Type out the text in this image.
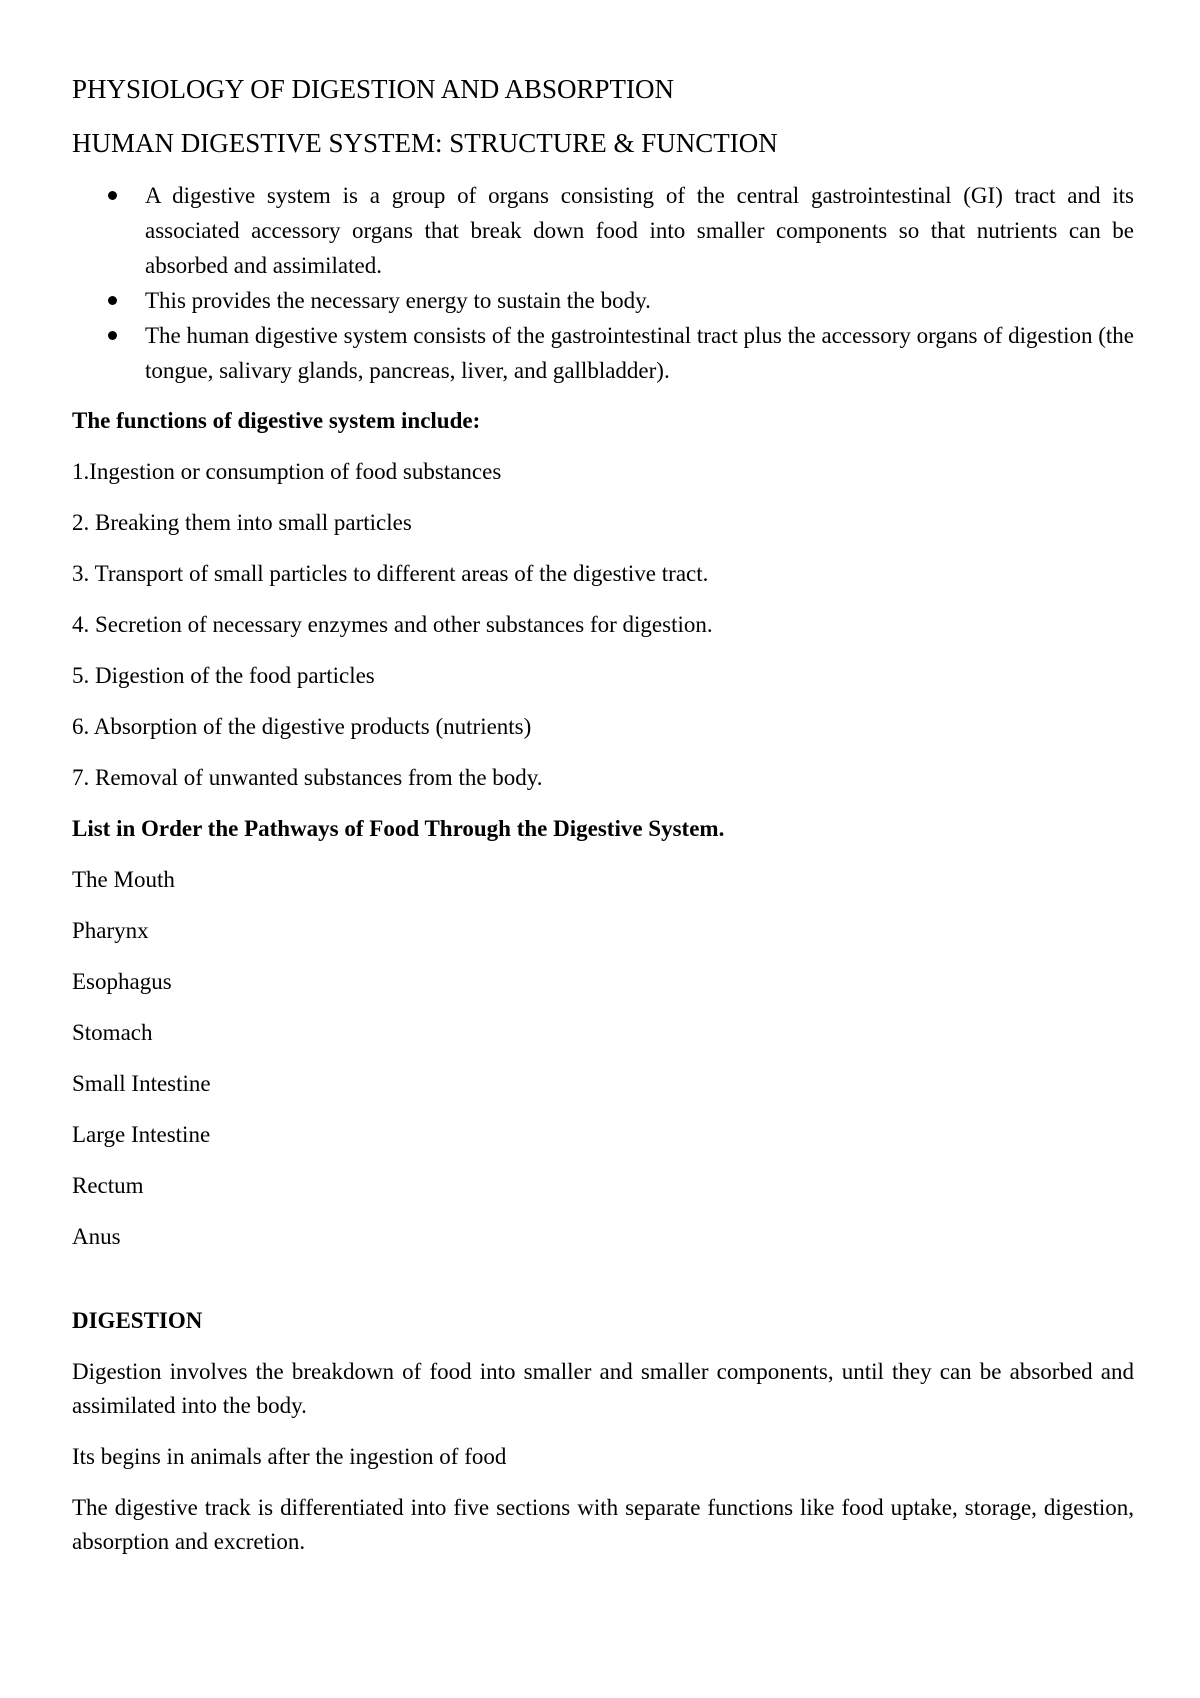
PHYSIOLOGY OF DIGESTION AND ABSORPTION
HUMAN DIGESTIVE SYSTEM: STRUCTURE & FUNCTION
A digestive system is a group of organs consisting of the central gastrointestinal (GI) tract and its associated accessory organs that break down food into smaller components so that nutrients can be absorbed and assimilated.
This provides the necessary energy to sustain the body.
The human digestive system consists of the gastrointestinal tract plus the accessory organs of digestion (the tongue, salivary glands, pancreas, liver, and gallbladder).

The functions of digestive system include:

1.Ingestion or consumption of food substances

2. Breaking them into small particles

3. Transport of small particles to different areas of the digestive tract.

4. Secretion of necessary enzymes and other substances for digestion.

5. Digestion of the food particles

6. Absorption of the digestive products (nutrients)

7. Removal of unwanted substances from the body.

List in Order the Pathways of Food Through the Digestive System.

The Mouth

Pharynx

Esophagus

Stomach

Small Intestine

Large Intestine

Rectum

Anus

DIGESTION

Digestion involves the breakdown of food into smaller and smaller components, until they can be absorbed and assimilated into the body.

Its begins in animals after the ingestion of food

The digestive track is differentiated into five sections with separate functions like food uptake, storage, digestion, absorption and excretion.
